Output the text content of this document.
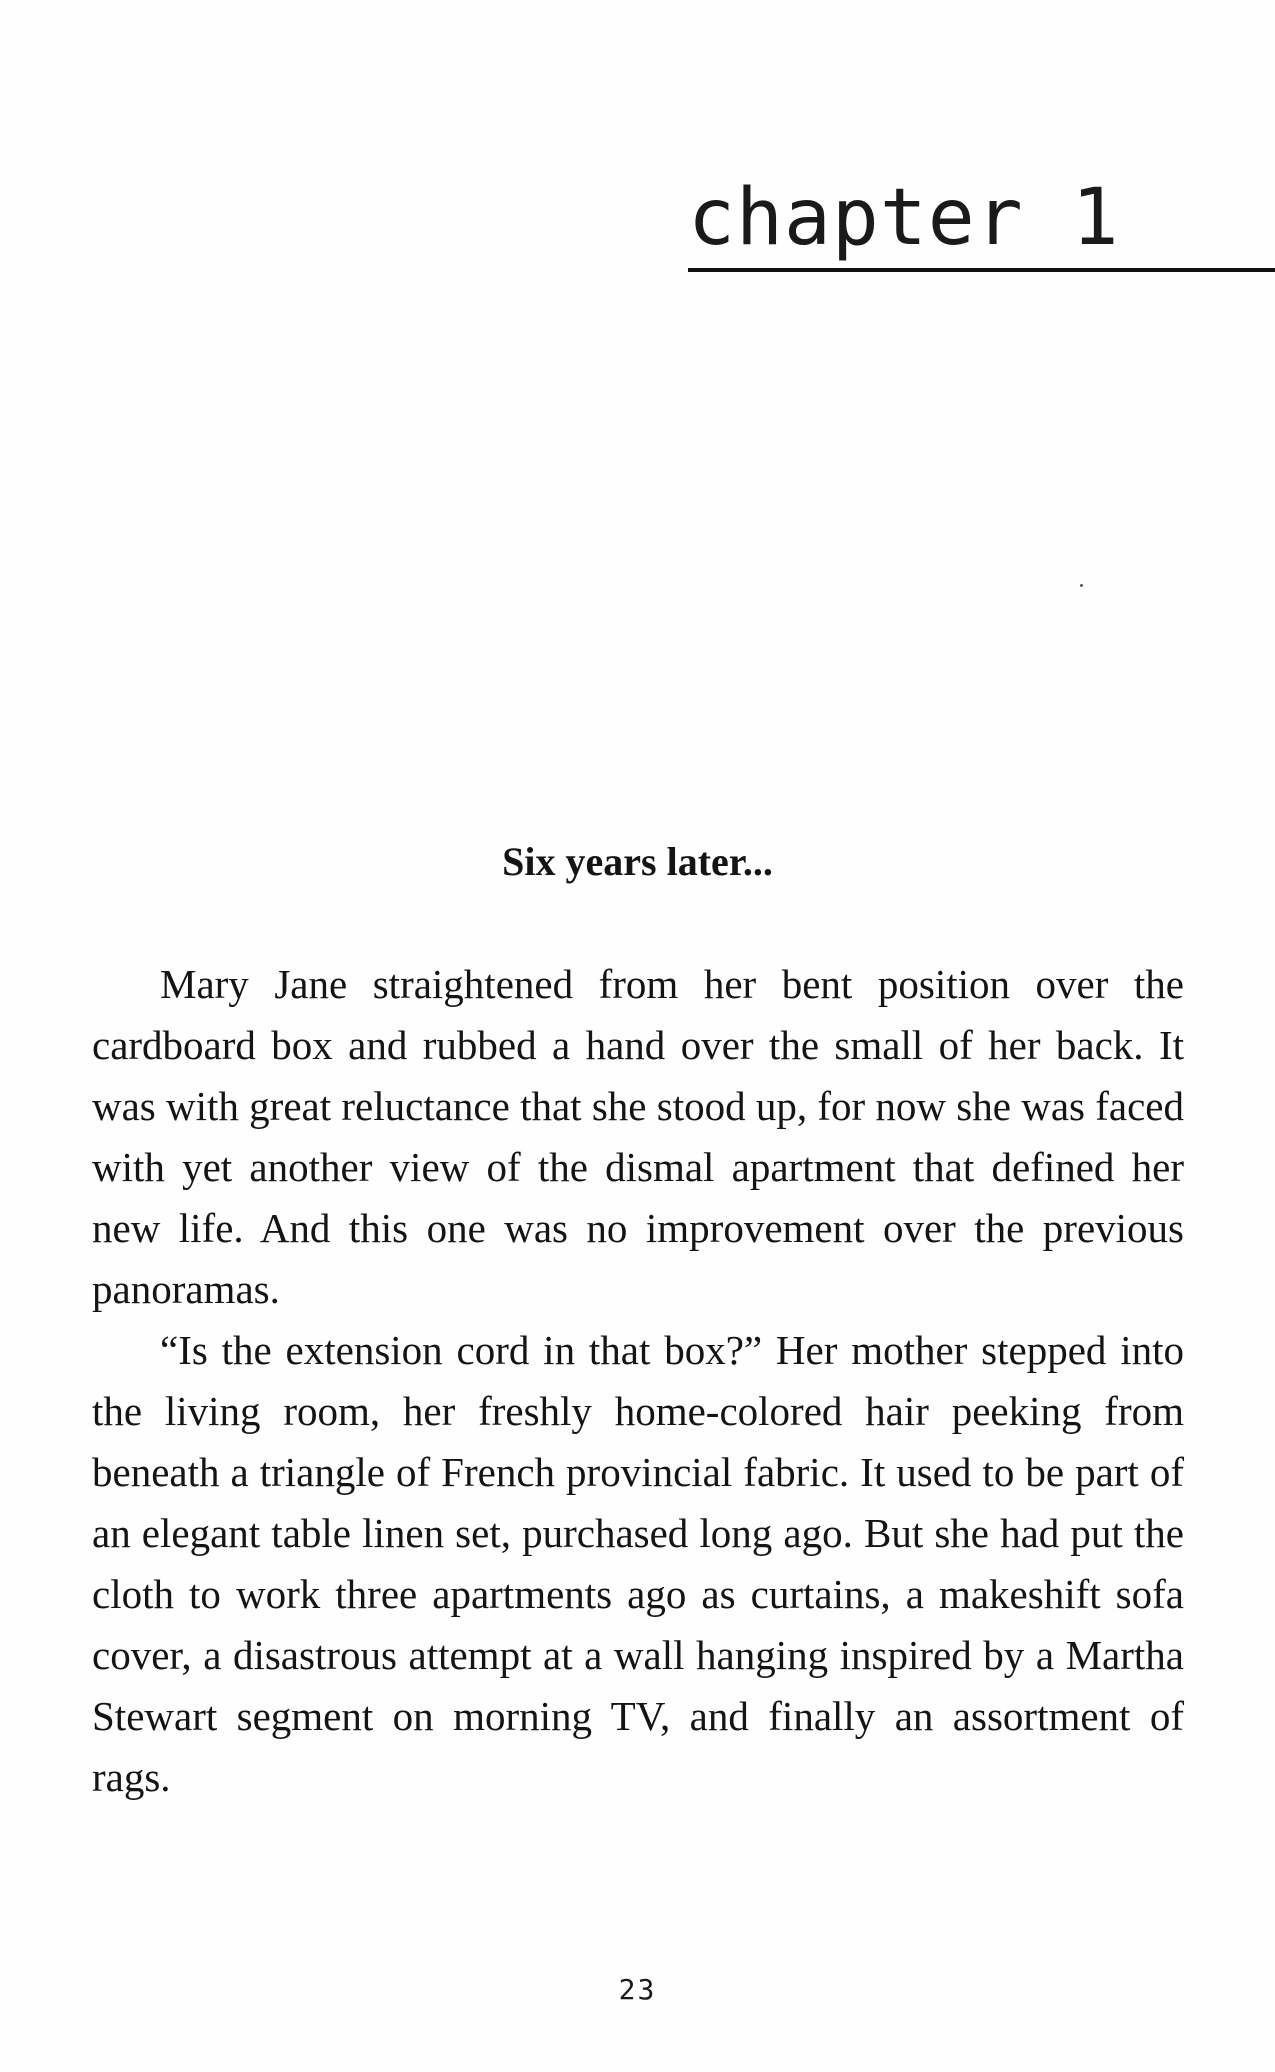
chapter 1
Six years later...

Mary Jane straightened from her bent position over the cardboard box and rubbed a hand over the small of her back. It was with great reluctance that she stood up, for now she was faced with yet another view of the dismal apartment that defined her new life. And this one was no improvement over the previous panoramas.

“Is the extension cord in that box?” Her mother stepped into the living room, her freshly home-colored hair peeking from beneath a triangle of French provincial fabric. It used to be part of an elegant table linen set, purchased long ago. But she had put the cloth to work three apartments ago as curtains, a makeshift sofa cover, a disastrous attempt at a wall hanging inspired by a Martha Stewart segment on morning TV, and finally an assortment of rags.

23
